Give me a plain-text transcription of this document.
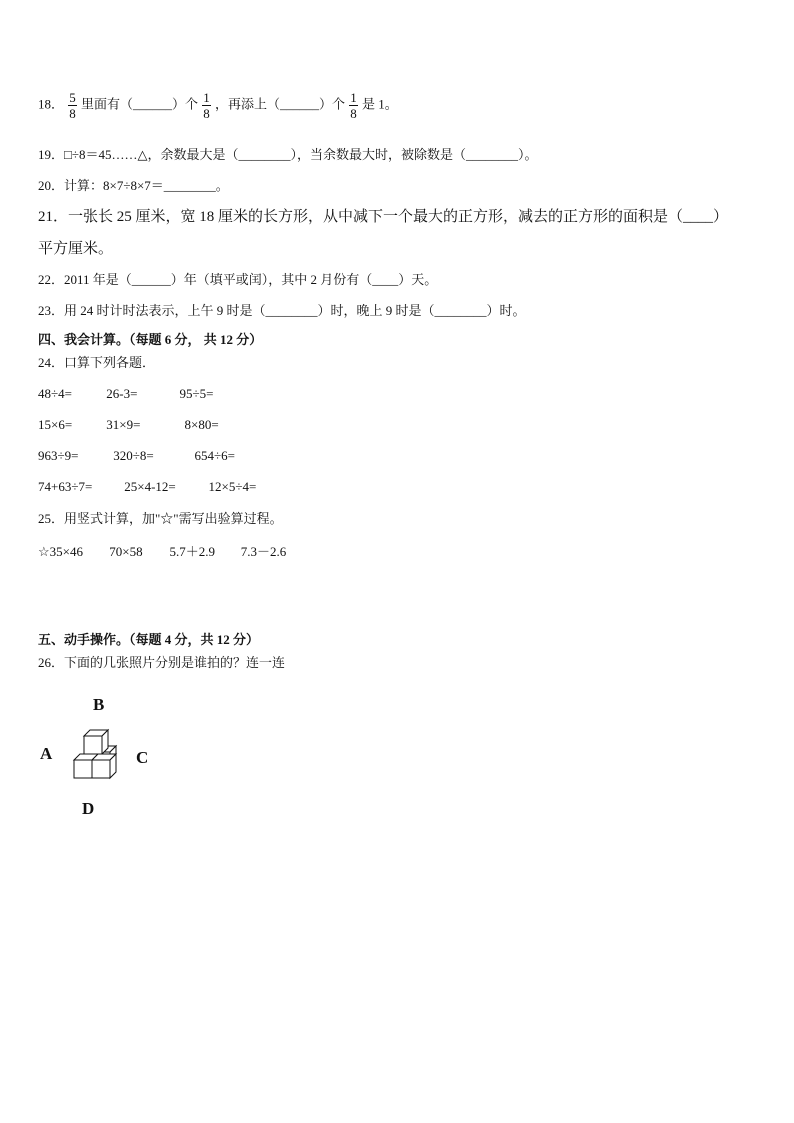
18． $\frac{5}{8}$ 里面有（______）个 $\frac{1}{8}$ ，再添上（______）个 $\frac{1}{8}$ 是 1。
19．□÷8＝45……△，余数最大是（________），当余数最大时，被除数是（________）。
20．计算：8×7÷8×7＝________。
21．一张长 25 厘米，宽 18 厘米的长方形，从中减下一个最大的正方形，减去的正方形的面积是（____）
平方厘米。
22．2011 年是（______）年（填平或闰），其中 2 月份有（____）天。
23．用 24 时计时法表示，上午 9 时是（________）时，晚上 9 时是（________）时。
四、我会计算。（每题 6 分， 共 12 分）
24．口算下列各题．
48÷4=	26-3=	95÷5=
15×6=	31×9=	8×80=
963÷9=	320÷8=	654÷6=
74+63÷7= 25×4-12=	12×5÷4=
25．用竖式计算，加"☆"需写出验算过程。
☆35×46 70×58 5.7＋2.9 7.3－2.6
五、动手操作。（每题 4 分，共 12 分）
26．下面的几张照片分别是谁拍的？连一连
B
A	C
D
